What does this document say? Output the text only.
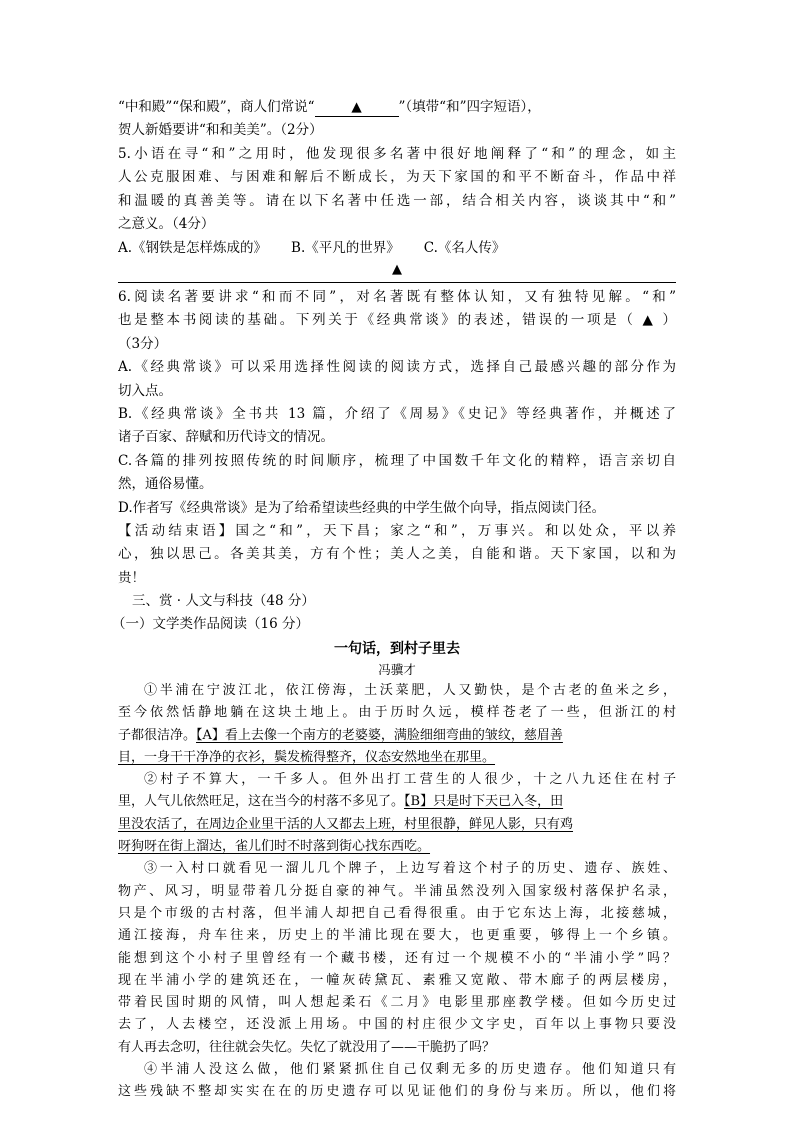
“中和殿”“保和殿”，商人们常说“	▲	”（填带“和”四字短语），
贺人新婚要讲“和和美美”。（2分）
5.小语在寻“和”之用时，他发现很多名著中很好地阐释了“和”的理念，如主
人公克服困难、与困难和解后不断成长，为天下家国的和平不断奋斗，作品中祥
和温暖的真善美等。请在以下名著中任选一部，结合相关内容，谈谈其中“和”
之意义。（4分）
A.《钢铁是怎样炼成的》 B.《平凡的世界》 C.《名人传》
▲
6.阅读名著要讲求“和而不同”，对名著既有整体认知，又有独特见解。“和”
也是整本书阅读的基础。下列关于《经典常谈》的表述，错误的一项是（ ▲ ）
（3分）
A.《经典常谈》可以采用选择性阅读的阅读方式，选择自己最感兴趣的部分作为
切入点。
B.《经典常谈》全书共 13 篇，介绍了《周易》《史记》等经典著作，并概述了
诸子百家、辞赋和历代诗文的情况。
C.各篇的排列按照传统的时间顺序，梳理了中国数千年文化的精粹，语言亲切自
然，通俗易懂。
D.作者写《经典常谈》是为了给希望读些经典的中学生做个向导，指点阅读门径。
【活动结束语】国之“和”，天下昌；家之“和”，万事兴。和以处众，平以养
心，独以思己。各美其美，方有个性；美人之美，自能和谐。天下家国，以和为
贵！
三、赏 · 人文与科技（48 分）
（一）文学类作品阅读（16 分）
一句话，到村子里去
冯骥才
①半浦在宁波江北，依江傍海，土沃菜肥，人又勤快，是个古老的鱼米之乡，
至今依然恬静地躺在这块土地上。由于历时久远，模样苍老了一些，但浙江的村
子都很洁净。【A】看上去像一个南方的老婆婆，满脸细细弯曲的皱纹，慈眉善
目，一身干干净净的衣衫，鬓发梳得整齐，仪态安然地坐在那里。
②村子不算大，一千多人。但外出打工营生的人很少，十之八九还住在村子
里，人气儿依然旺足，这在当今的村落不多见了。【B】只是时下天已入冬，田
里没农活了，在周边企业里干活的人又都去上班，村里很静，鲜见人影，只有鸡
呀狗呀在街上溜达，雀儿们时不时落到街心找东西吃。
③一入村口就看见一溜儿几个牌子，上边写着这个村子的历史、遗存、族姓、
物产、风习，明显带着几分挺自豪的神气。半浦虽然没列入国家级村落保护名录，
只是个市级的古村落，但半浦人却把自己看得很重。由于它东达上海，北接慈城，
通江接海，舟车往来，历史上的半浦比现在要大，也更重要，够得上一个乡镇。
能想到这个小村子里曾经有一个藏书楼，还有过一个规模不小的“半浦小学”吗？
现在半浦小学的建筑还在，一幢灰砖黛瓦、素雅又宽敞、带木廊子的两层楼房，
带着民国时期的风情，叫人想起柔石《二月》电影里那座教学楼。但如今历史过
去了，人去楼空，还没派上用场。中国的村庄很少文字史，百年以上事物只要没
有人再去念叨，往往就会失忆。失忆了就没用了——干脆扔了吗？
④半浦人没这么做，他们紧紧抓住自己仅剩无多的历史遗存。他们知道只有
这些残缺不整却实实在在的历史遗存可以见证他们的身份与来历。所以，他们将
